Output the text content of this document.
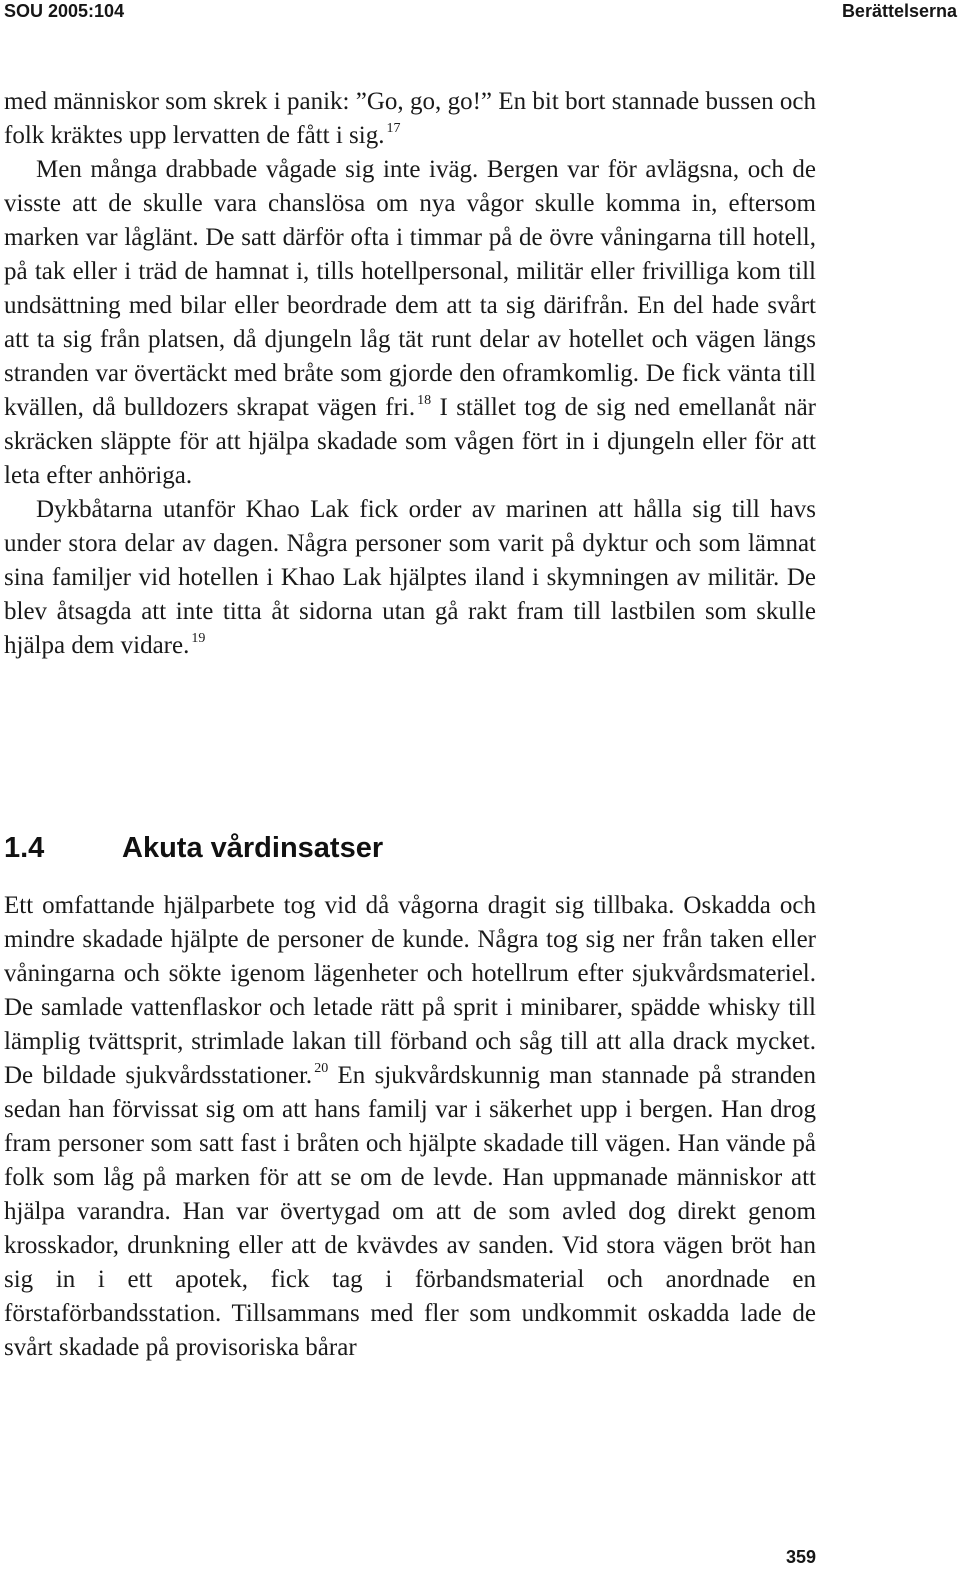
SOU 2005:104	Berättelserna

med människor som skrek i panik: ”Go, go, go!” En bit bort stannade bussen och folk kräktes upp lervatten de fått i sig. $^{17}$

Men många drabbade vågade sig inte iväg. Bergen var för avlägsna, och de visste att de skulle vara chanslösa om nya vågor skulle komma in, eftersom marken var låglänt. De satt därför ofta i timmar på de övre våningarna till hotell, på tak eller i träd de hamnat i, tills hotellpersonal, militär eller frivilliga kom till undsättning med bilar eller beordrade dem att ta sig därifrån. En del hade svårt att ta sig från platsen, då djungeln låg tät runt delar av hotellet och vägen längs stranden var övertäckt med bråte som gjorde den oframkomlig. De fick vänta till kvällen, då bulldozers skrapat vägen fri. $^{18}$ I stället tog de sig ned emellanåt när skräcken släppte för att hjälpa skadade som vågen fört in i djungeln eller för att leta efter anhöriga.

Dykbåtarna utanför Khao Lak fick order av marinen att hålla sig till havs under stora delar av dagen. Några personer som varit på dyktur och som lämnat sina familjer vid hotellen i Khao Lak hjälptes iland i skymningen av militär. De blev åtsagda att inte titta åt sidorna utan gå rakt fram till lastbilen som skulle hjälpa dem vidare. $^{19}$

1.4	Akuta vårdinsatser

Ett omfattande hjälparbete tog vid då vågorna dragit sig tillbaka. Oskadda och mindre skadade hjälpte de personer de kunde. Några tog sig ner från taken eller våningarna och sökte igenom lägenheter och hotellrum efter sjukvårdsmateriel. De samlade vattenflaskor och letade rätt på sprit i minibarer, spädde whisky till lämplig tvättsprit, strimlade lakan till förband och såg till att alla drack mycket. De bildade sjukvårdsstationer. $^{20}$ En sjukvårdskunnig man stannade på stranden sedan han förvissat sig om att hans familj var i säkerhet upp i bergen. Han drog fram personer som satt fast i bråten och hjälpte skadade till vägen. Han vände på folk som låg på marken för att se om de levde. Han uppmanade människor att hjälpa varandra. Han var övertygad om att de som avled dog direkt genom krosskador, drunkning eller att de kvävdes av sanden. Vid stora vägen bröt han sig in i ett apotek, fick tag i förbandsmaterial och anordnade en förstaförbandsstation. Tillsammans med fler som undkommit oskadda lade de svårt skadade på provisoriska bårar

359
